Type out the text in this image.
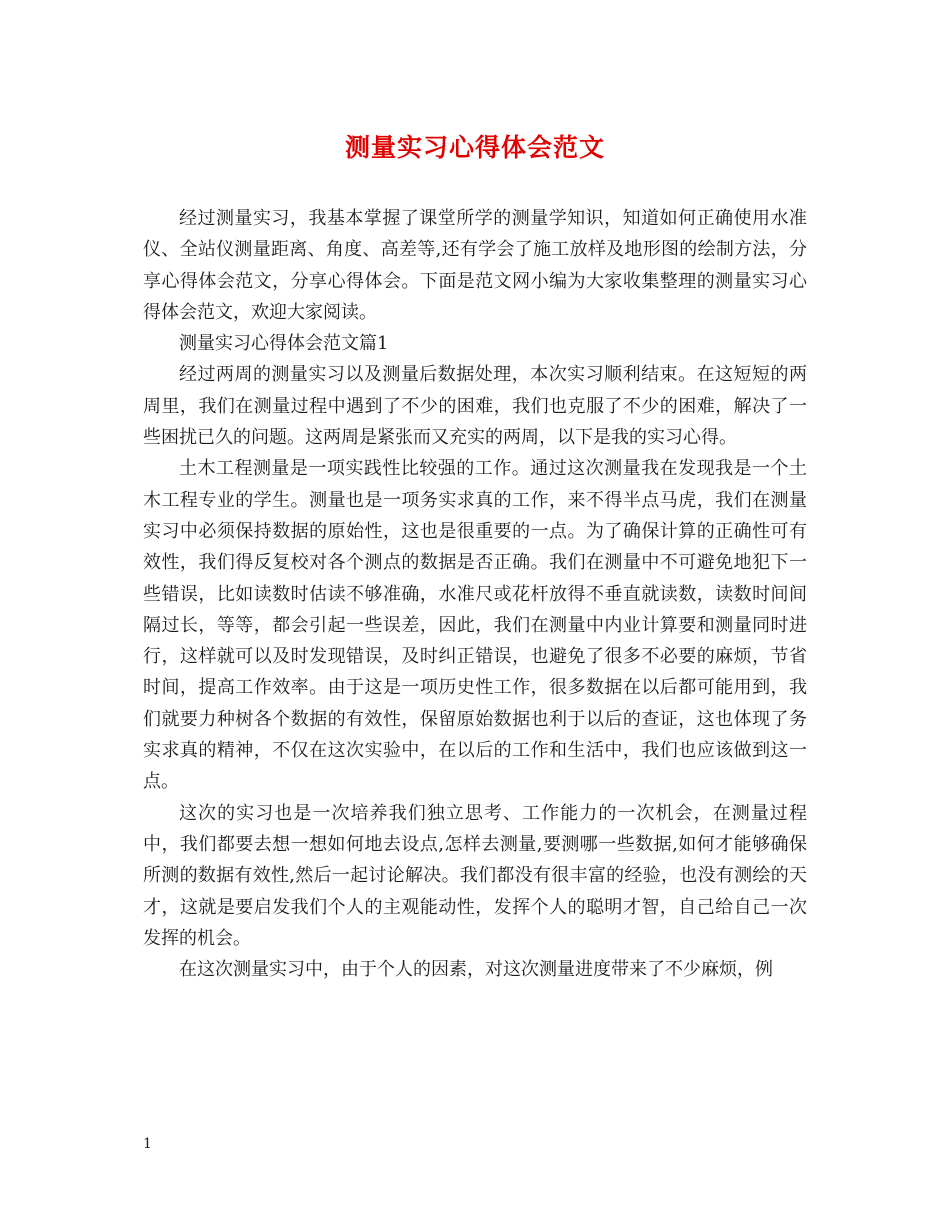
测量实习心得体会范文

经过测量实习，我基本掌握了课堂所学的测量学知识，知道如何正确使用水准仪、全站仪测量距离、角度、高差等,还有学会了施工放样及地形图的绘制方法，分享心得体会范文，分享心得体会。下面是范文网小编为大家收集整理的测量实习心得体会范文，欢迎大家阅读。

测量实习心得体会范文篇1

经过两周的测量实习以及测量后数据处理，本次实习顺利结束。在这短短的两周里，我们在测量过程中遇到了不少的困难，我们也克服了不少的困难，解决了一些困扰已久的问题。这两周是紧张而又充实的两周，以下是我的实习心得。

土木工程测量是一项实践性比较强的工作。通过这次测量我在发现我是一个土木工程专业的学生。测量也是一项务实求真的工作，来不得半点马虎，我们在测量实习中必须保持数据的原始性，这也是很重要的一点。为了确保计算的正确性可有效性，我们得反复校对各个测点的数据是否正确。我们在测量中不可避免地犯下一些错误，比如读数时估读不够准确，水准尺或花杆放得不垂直就读数，读数时间间隔过长，等等，都会引起一些误差，因此，我们在测量中内业计算要和测量同时进行，这样就可以及时发现错误，及时纠正错误，也避免了很多不必要的麻烦，节省时间，提高工作效率。由于这是一项历史性工作，很多数据在以后都可能用到，我们就要力种树各个数据的有效性，保留原始数据也利于以后的查证，这也体现了务实求真的精神，不仅在这次实验中，在以后的工作和生活中，我们也应该做到这一点。

这次的实习也是一次培养我们独立思考、工作能力的一次机会，在测量过程中，我们都要去想一想如何地去设点,怎样去测量,要测哪一些数据,如何才能够确保所测的数据有效性,然后一起讨论解决。我们都没有很丰富的经验，也没有测绘的天才，这就是要启发我们个人的主观能动性，发挥个人的聪明才智，自己给自己一次发挥的机会。

在这次测量实习中，由于个人的因素，对这次测量进度带来了不少麻烦，例

1
